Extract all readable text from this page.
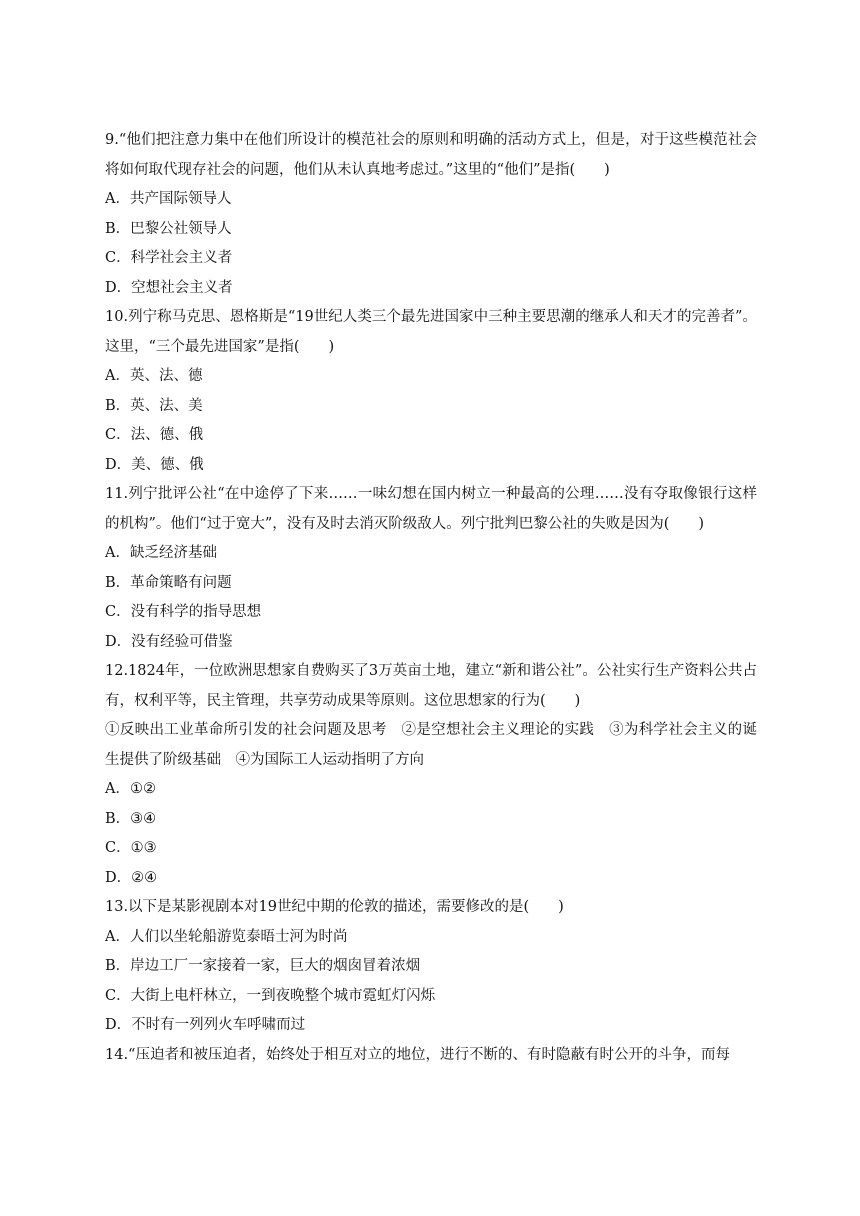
9.“他们把注意力集中在他们所设计的模范社会的原则和明确的活动方式上，但是，对于这些模范社会将如何取代现存社会的问题，他们从未认真地考虑过。”这里的“他们”是指(　　)
A．共产国际领导人
B．巴黎公社领导人
C．科学社会主义者
D．空想社会主义者
10.列宁称马克思、恩格斯是“19世纪人类三个最先进国家中三种主要思潮的继承人和天才的完善者”。这里，“三个最先进国家”是指(　　)
A．英、法、德
B．英、法、美
C．法、德、俄
D．美、德、俄
11.列宁批评公社“在中途停了下来……一味幻想在国内树立一种最高的公理……没有夺取像银行这样的机构”。他们“过于宽大”，没有及时去消灭阶级敌人。列宁批判巴黎公社的失败是因为(　　)
A．缺乏经济基础
B．革命策略有问题
C．没有科学的指导思想
D．没有经验可借鉴
12.1824年，一位欧洲思想家自费购买了3万英亩土地，建立“新和谐公社”。公社实行生产资料公共占有，权利平等，民主管理，共享劳动成果等原则。这位思想家的行为(　　)
①反映出工业革命所引发的社会问题及思考　②是空想社会主义理论的实践　③为科学社会主义的诞生提供了阶级基础　④为国际工人运动指明了方向
A．①②
B．③④
C．①③
D．②④
13.以下是某影视剧本对19世纪中期的伦敦的描述，需要修改的是(　　)
A．人们以坐轮船游览泰晤士河为时尚
B．岸边工厂一家接着一家，巨大的烟囱冒着浓烟
C．大街上电杆林立，一到夜晚整个城市霓虹灯闪烁
D．不时有一列列火车呼啸而过
14.“压迫者和被压迫者，始终处于相互对立的地位，进行不断的、有时隐蔽有时公开的斗争，而每
